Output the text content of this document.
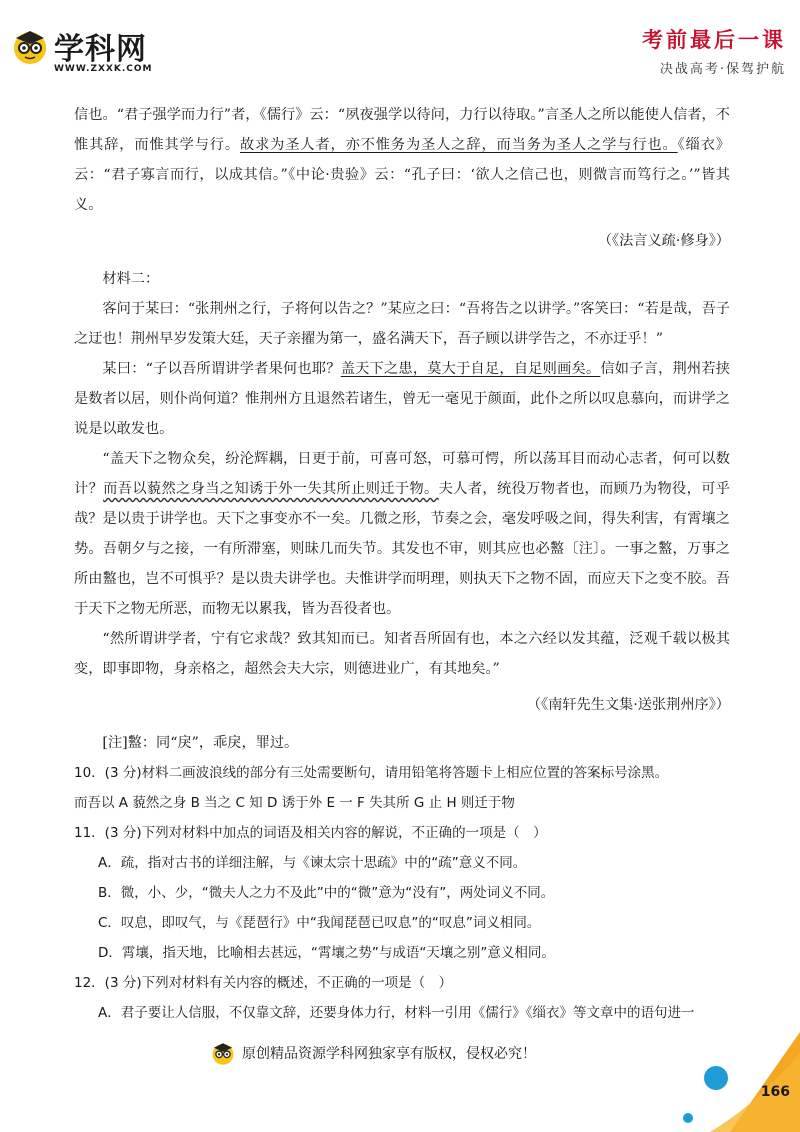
学科网
WWW.ZXXK.COM
考前最后一课
决战高考·保驾护航

信也。“君子强学而力行”者，《儒行》云：“夙夜强学以待问，力行以待取。”言圣人之所以能使人信者，不惟其辞，而惟其学与行。故求为圣人者，亦不惟务为圣人之辞，而当务为圣人之学与行也。《缁衣》云：“君子寡言而行，以成其信。”《中论·贵验》云：“孔子曰：‘欲人之信己也，则微言而笃行之。’”皆其义。

（《法言义疏·修身》）

材料二：

客问于某曰：“张荆州之行，子将何以告之？”某应之曰：“吾将告之以讲学。”客笑曰：“若是哉，吾子之迂也！荆州早岁发策大廷，天子亲擢为第一，盛名满天下，吾子顾以讲学告之，不亦迂乎！”

某曰：“子以吾所谓讲学者果何也耶？盖天下之患，莫大于自足，自足则画矣。信如子言，荆州若挟是数者以居，则仆尚何道？惟荆州方且退然若诸生，曾无一毫见于颜面，此仆之所以叹息慕向，而讲学之说是以敢发也。

“盖天下之物众矣，纷沦辉耦，日更于前，可喜可怒，可慕可愕，所以荡耳目而动心志者，何可以数计？而吾以藐然之身当之知诱于外一失其所止则迁于物。夫人者，统役万物者也，而顾乃为物役，可乎哉？是以贵于讲学也。天下之事变亦不一矣。几微之形，节奏之会，毫发呼吸之间，得失利害，有霄壤之势。吾朝夕与之接，一有所滞塞，则昧几而失节。其发也不审，则其应也必盭〔注〕。一事之盭，万事之所由盭也，岂不可惧乎？是以贵夫讲学也。夫惟讲学而明理，则执天下之物不固，而应天下之变不胶。吾于天下之物无所恶，而物无以累我，皆为吾役者也。

“然所谓讲学者，宁有它求哉？致其知而已。知者吾所固有也，本之六经以发其蕴，泛观千载以极其变，即事即物，身亲格之，超然会夫大宗，则德进业广，有其地矣。”

（《南轩先生文集·送张荆州序》）

[注]盭：同“戾”，乖戾，罪过。

10．(3 分)材料二画波浪线的部分有三处需要断句，请用铅笔将答题卡上相应位置的答案标号涂黑。

而吾以 A 藐然之身 B 当之 C 知 D 诱于外 E 一 F 失其所 G 止 H 则迁于物

11．(3 分)下列对材料中加点的词语及相关内容的解说，不正确的一项是（　）

A．疏，指对古书的详细注解，与《谏太宗十思疏》中的“疏”意义不同。

B．微，小、少，“微夫人之力不及此”中的“微”意为“没有”，两处词义不同。

C．叹息，即叹气，与《琵琶行》中“我闻琵琶已叹息”的“叹息”词义相同。

D．霄壤，指天地，比喻相去甚远，“霄壤之势”与成语“天壤之别”意义相同。

12．(3 分)下列对材料有关内容的概述，不正确的一项是（　）

A．君子要让人信服，不仅靠文辞，还要身体力行，材料一引用《儒行》《缁衣》等文章中的语句进一

原创精品资源学科网独家享有版权，侵权必究！
166
